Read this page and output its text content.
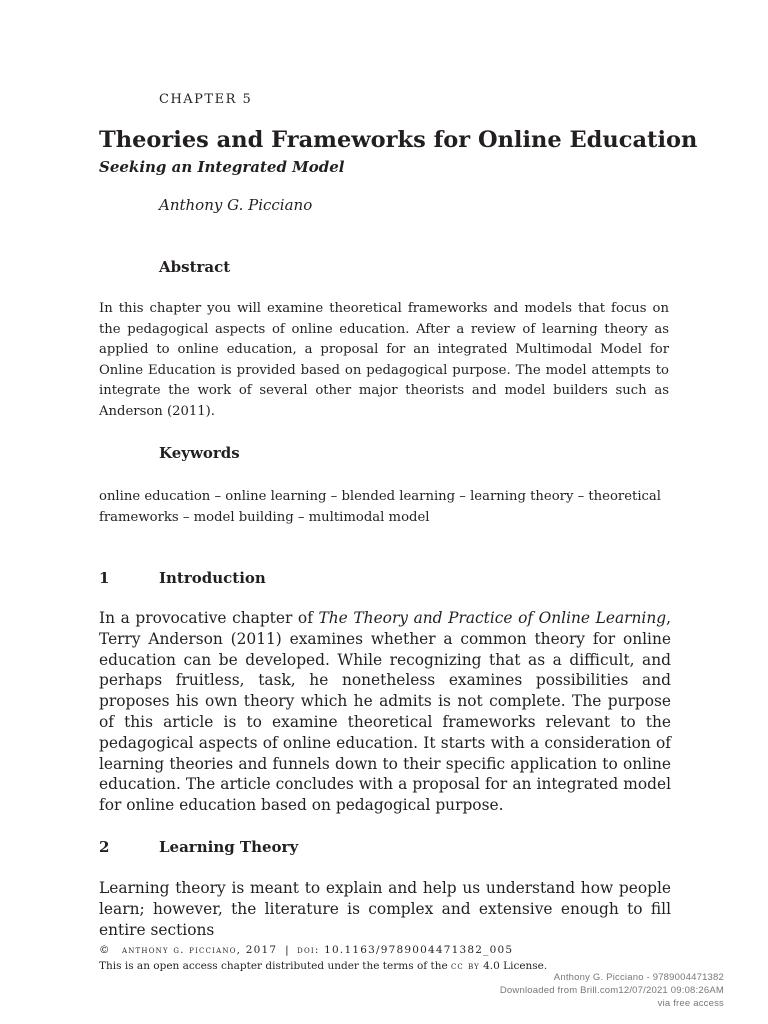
CHAPTER 5
Theories and Frameworks for Online Education
Seeking an Integrated Model
Anthony G. Picciano
Abstract

In this chapter you will examine theoretical frameworks and models that focus on the pedagogical aspects of online education. After a review of learning theory as applied to online education, a proposal for an integrated Multimodal Model for Online Education is provided based on pedagogical purpose. The model attempts to integrate the work of several other major theorists and model builders such as Anderson (2011).

Keywords

online education – online learning – blended learning – learning theory – theoretical frameworks – model building – multimodal model

1	Introduction

In a provocative chapter of The Theory and Practice of Online Learning, Terry Anderson (2011) examines whether a common theory for online education can be developed. While recognizing that as a difficult, and perhaps fruitless, task, he nonetheless examines possibilities and proposes his own theory which he admits is not complete. The purpose of this article is to examine theoretical frameworks relevant to the pedagogical aspects of online education. It starts with a consideration of learning theories and funnels down to their specific application to online education. The article concludes with a proposal for an integrated model for online education based on pedagogical purpose.

2	Learning Theory

Learning theory is meant to explain and help us understand how people learn; however, the literature is complex and extensive enough to fill entire sections

© anthony g. picciano, 2017 | doi: 10.1163/9789004471382_005
This is an open access chapter distributed under the terms of the cc by 4.0 License.
Anthony G. Picciano - 9789004471382
Downloaded from Brill.com12/07/2021 09:08:26AM
via free access
